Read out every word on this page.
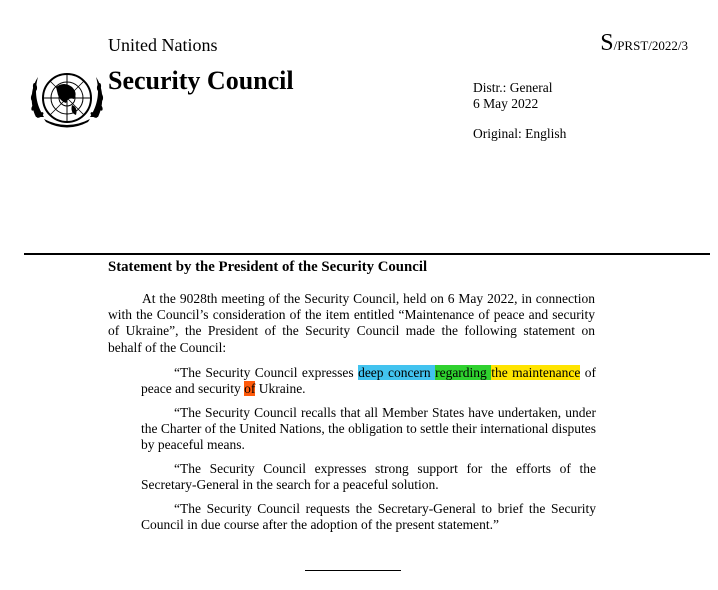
United Nations	S/PRST/2022/3
Security Council	Distr.: General
6 May 2022
Original: English
Statement by the President of the Security Council
At the 9028th meeting of the Security Council, held on 6 May 2022, in connection with the Council’s consideration of the item entitled “Maintenance of peace and security of Ukraine”, the President of the Security Council made the following statement on behalf of the Council:
“The Security Council expresses deep concern regarding the maintenance of peace and security of Ukraine.
“The Security Council recalls that all Member States have undertaken, under the Charter of the United Nations, the obligation to settle their international disputes by peaceful means.
“The Security Council expresses strong support for the efforts of the Secretary-General in the search for a peaceful solution.
“The Security Council requests the Secretary-General to brief the Security Council in due course after the adoption of the present statement.”
